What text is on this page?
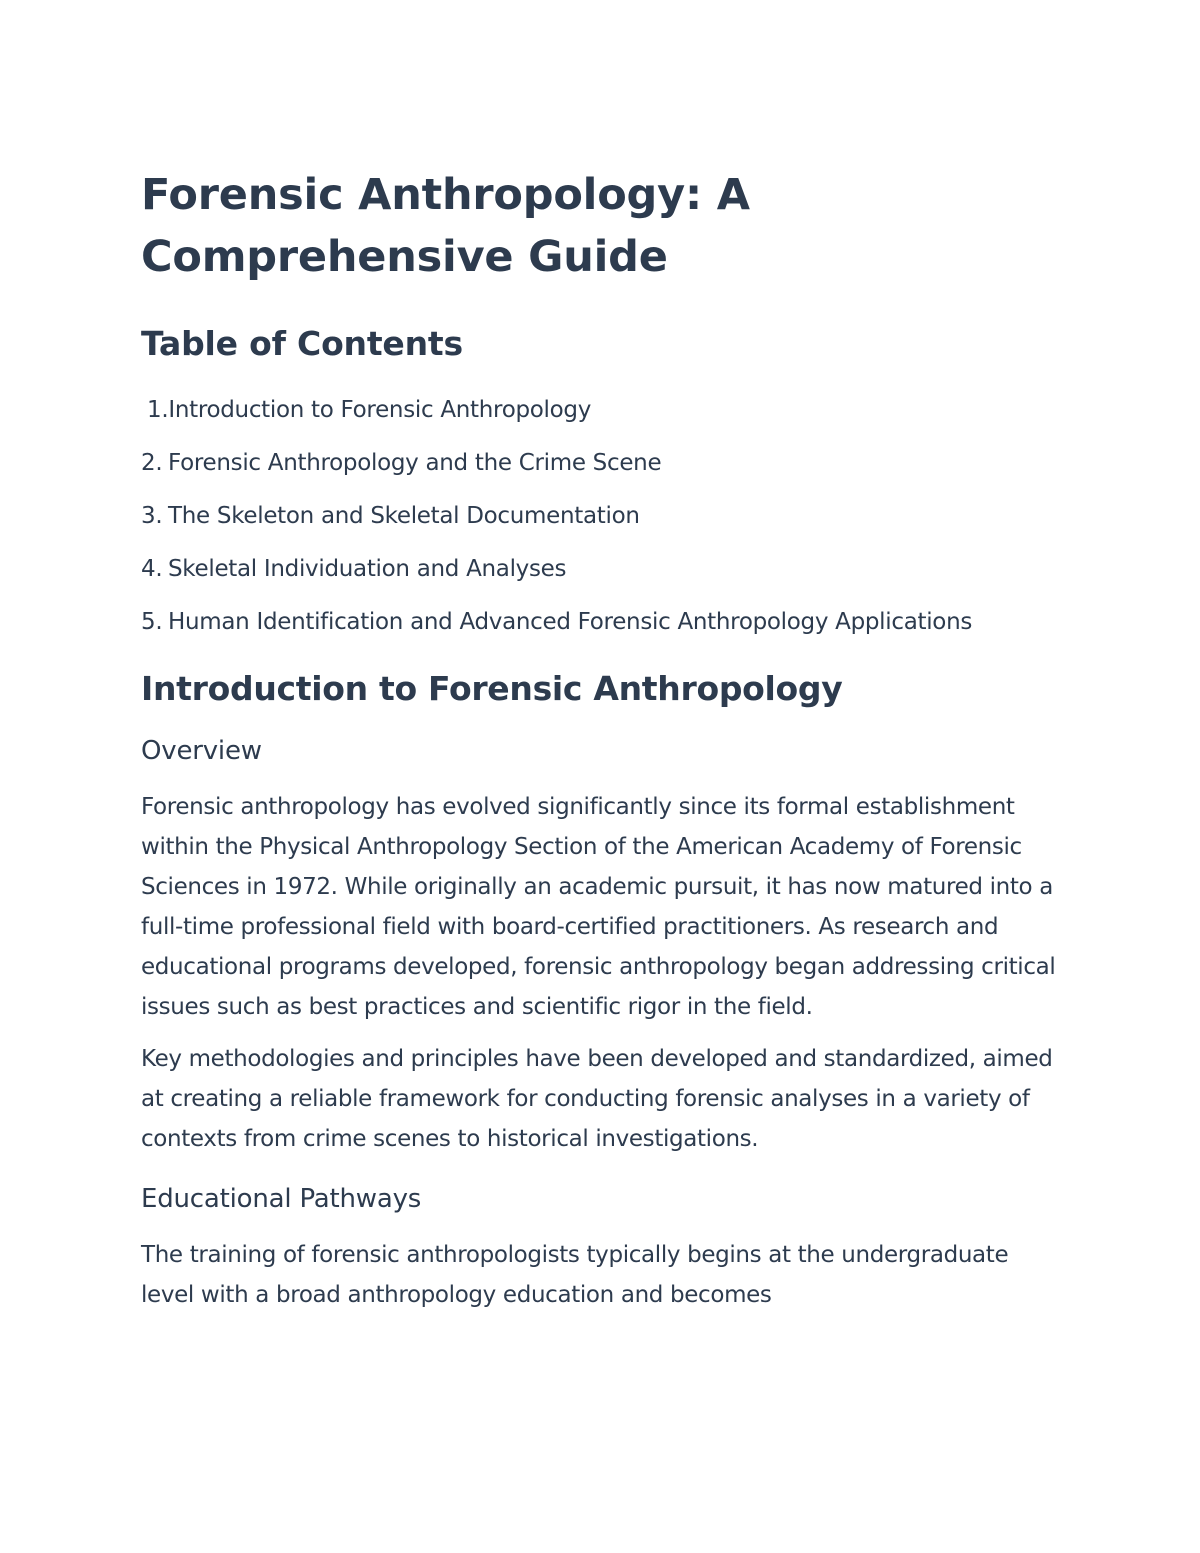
Forensic Anthropology: A
Comprehensive Guide
Table of Contents
1.Introduction to Forensic Anthropology
2. Forensic Anthropology and the Crime Scene
3. The Skeleton and Skeletal Documentation
4. Skeletal Individuation and Analyses
5. Human Identification and Advanced Forensic Anthropology Applications
Introduction to Forensic Anthropology
Overview

Forensic anthropology has evolved significantly since its formal establishment within the Physical Anthropology Section of the American Academy of Forensic Sciences in 1972. While originally an academic pursuit, it has now matured into a full-time professional field with board-certified practitioners. As research and educational programs developed, forensic anthropology began addressing critical issues such as best practices and scientific rigor in the field.

Key methodologies and principles have been developed and standardized, aimed at creating a reliable framework for conducting forensic analyses in a variety of contexts from crime scenes to historical investigations.

Educational Pathways

The training of forensic anthropologists typically begins at the undergraduate level with a broad anthropology education and becomes
